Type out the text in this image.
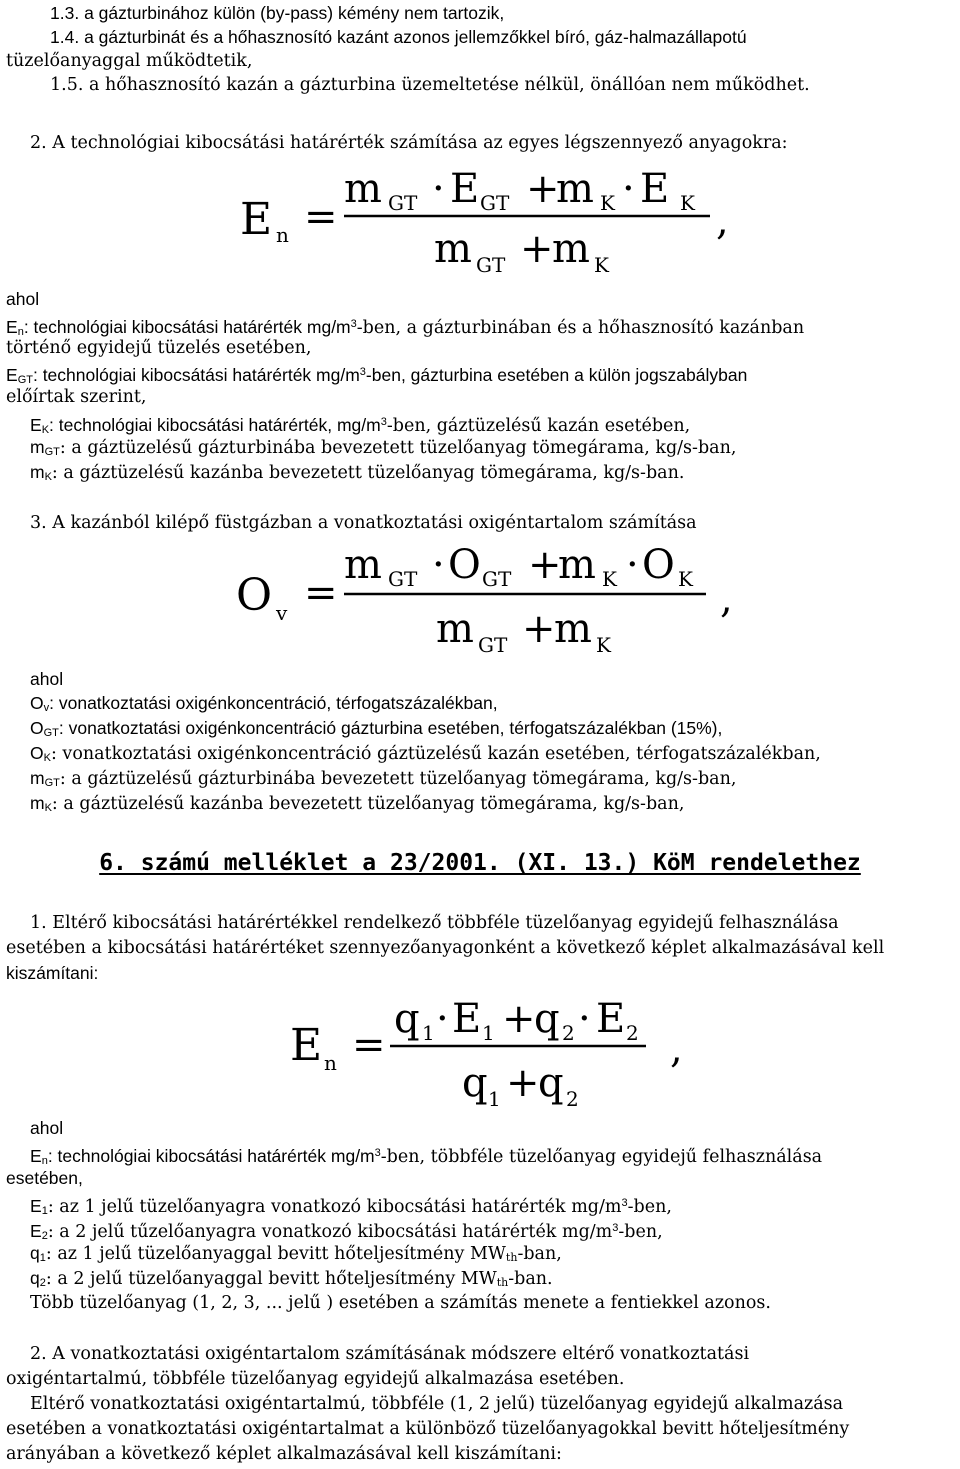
1.3. a gázturbinához külön (by-pass) kémény nem tartozik,
1.4. a gázturbinát és a hőhasznosító kazánt azonos jellemzőkkel bíró, gáz-halmazállapotú
tüzelőanyaggal működtetik,
1.5. a hőhasznosító kazán a gázturbina üzemeltetése nélkül, önállóan nem működhet.
2. A technológiai kibocsátási határérték számítása az egyes légszennyező anyagokra:
E n =
m GT · E GT +
m K · E K
m GT +
m K
,
ahol
En: technológiai kibocsátási határérték $mg/m^3$-ben, a gázturbinában és a hőhasznosító kazánban
történő egyidejű tüzelés esetében,
EGT: technológiai kibocsátási határérték $mg/m^3$-ben, gázturbina esetében a külön jogszabályban
előírtak szerint,
EK: technológiai kibocsátási határérték, $mg/m^3$-ben, gáztüzelésű kazán esetében,
mGT: a gáztüzelésű gázturbinába bevezetett tüzelőanyag tömegárama, kg/s-ban,
mK: a gáztüzelésű kazánba bevezetett tüzelőanyag tömegárama, kg/s-ban.
3. A kazánból kilépő füstgázban a vonatkoztatási oxigéntartalom számítása
O v =
m GT · O GT +
m K · O K
m GT +
m K
,
ahol
Ov: vonatkoztatási oxigénkoncentráció, térfogatszázalékban,
OGT: vonatkoztatási oxigénkoncentráció gázturbina esetében, térfogatszázalékban (15%),
OK: vonatkoztatási oxigénkoncentráció gáztüzelésű kazán esetében, térfogatszázalékban,
mGT: a gáztüzelésű gázturbinába bevezetett tüzelőanyag tömegárama, kg/s-ban,
mK: a gáztüzelésű kazánba bevezetett tüzelőanyag tömegárama, kg/s-ban,
6. számú melléklet a 23/2001. (XI. 13.) KöM rendelethez
1. Eltérő kibocsátási határértékkel rendelkező többféle tüzelőanyag egyidejű felhasználása
esetében a kibocsátási határértéket szennyezőanyagonként a következő képlet alkalmazásával kell
kiszámítani:
E n =
q 1 · E 1 +
q 2 · E 2
q 1 +
q 2
,
ahol
En: technológiai kibocsátási határérték $mg/m^3$-ben, többféle tüzelőanyag egyidejű felhasználása
esetében,
E1: az 1 jelű tüzelőanyagra vonatkozó kibocsátási határérték $mg/m^3$-ben,
E2: a 2 jelű tűzelőanyagra vonatkozó kibocsátási határérték $mg/m^3$-ben,
q1: az 1 jelű tüzelőanyaggal bevitt hőteljesítmény MWth-ban,
q2: a 2 jelű tüzelőanyaggal bevitt hőteljesítmény MWth-ban.
Több tüzelőanyag (1, 2, 3, ... jelű ) esetében a számítás menete a fentiekkel azonos.
2. A vonatkoztatási oxigéntartalom számításának módszere eltérő vonatkoztatási
oxigéntartalmú, többféle tüzelőanyag egyidejű alkalmazása esetében.
Eltérő vonatkoztatási oxigéntartalmú, többféle (1, 2 jelű) tüzelőanyag egyidejű alkalmazása
esetében a vonatkoztatási oxigéntartalmat a különböző tüzelőanyagokkal bevitt hőteljesítmény
arányában a következő képlet alkalmazásával kell kiszámítani:
